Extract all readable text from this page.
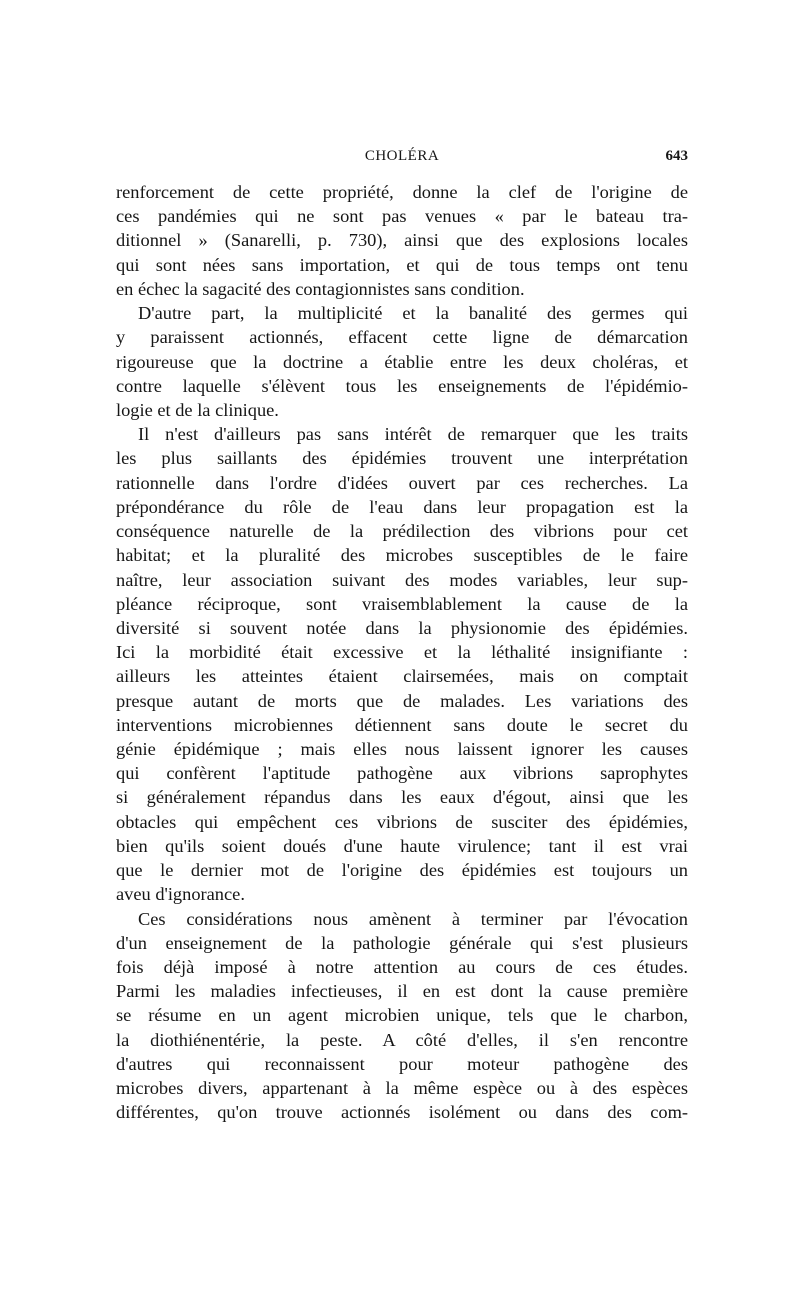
CHOLÉRA	643
renforcement de cette propriété, donne la clef de l'origine de
ces pandémies qui ne sont pas venues « par le bateau tra-
ditionnel » (Sanarelli, p. 730), ainsi que des explosions locales
qui sont nées sans importation, et qui de tous temps ont tenu
en échec la sagacité des contagionnistes sans condition.
D'autre part, la multiplicité et la banalité des germes qui
y paraissent actionnés, effacent cette ligne de démarcation
rigoureuse que la doctrine a établie entre les deux choléras, et
contre laquelle s'élèvent tous les enseignements de l'épidémio-
logie et de la clinique.
Il n'est d'ailleurs pas sans intérêt de remarquer que les traits
les plus saillants des épidémies trouvent une interprétation
rationnelle dans l'ordre d'idées ouvert par ces recherches. La
prépondérance du rôle de l'eau dans leur propagation est la
conséquence naturelle de la prédilection des vibrions pour cet
habitat; et la pluralité des microbes susceptibles de le faire
naître, leur association suivant des modes variables, leur sup-
pléance réciproque, sont vraisemblablement la cause de la
diversité si souvent notée dans la physionomie des épidémies.
Ici la morbidité était excessive et la léthalité insignifiante :
ailleurs les atteintes étaient clairsemées, mais on comptait
presque autant de morts que de malades. Les variations des
interventions microbiennes détiennent sans doute le secret du
génie épidémique ; mais elles nous laissent ignorer les causes
qui confèrent l'aptitude pathogène aux vibrions saprophytes
si généralement répandus dans les eaux d'égout, ainsi que les
obtacles qui empêchent ces vibrions de susciter des épidémies,
bien qu'ils soient doués d'une haute virulence; tant il est vrai
que le dernier mot de l'origine des épidémies est toujours un
aveu d'ignorance.
Ces considérations nous amènent à terminer par l'évocation
d'un enseignement de la pathologie générale qui s'est plusieurs
fois déjà imposé à notre attention au cours de ces études.
Parmi les maladies infectieuses, il en est dont la cause première
se résume en un agent microbien unique, tels que le charbon,
la diothiénentérie, la peste. A côté d'elles, il s'en rencontre
d'autres qui reconnaissent pour moteur pathogène des
microbes divers, appartenant à la même espèce ou à des espèces
différentes, qu'on trouve actionnés isolément ou dans des com-
